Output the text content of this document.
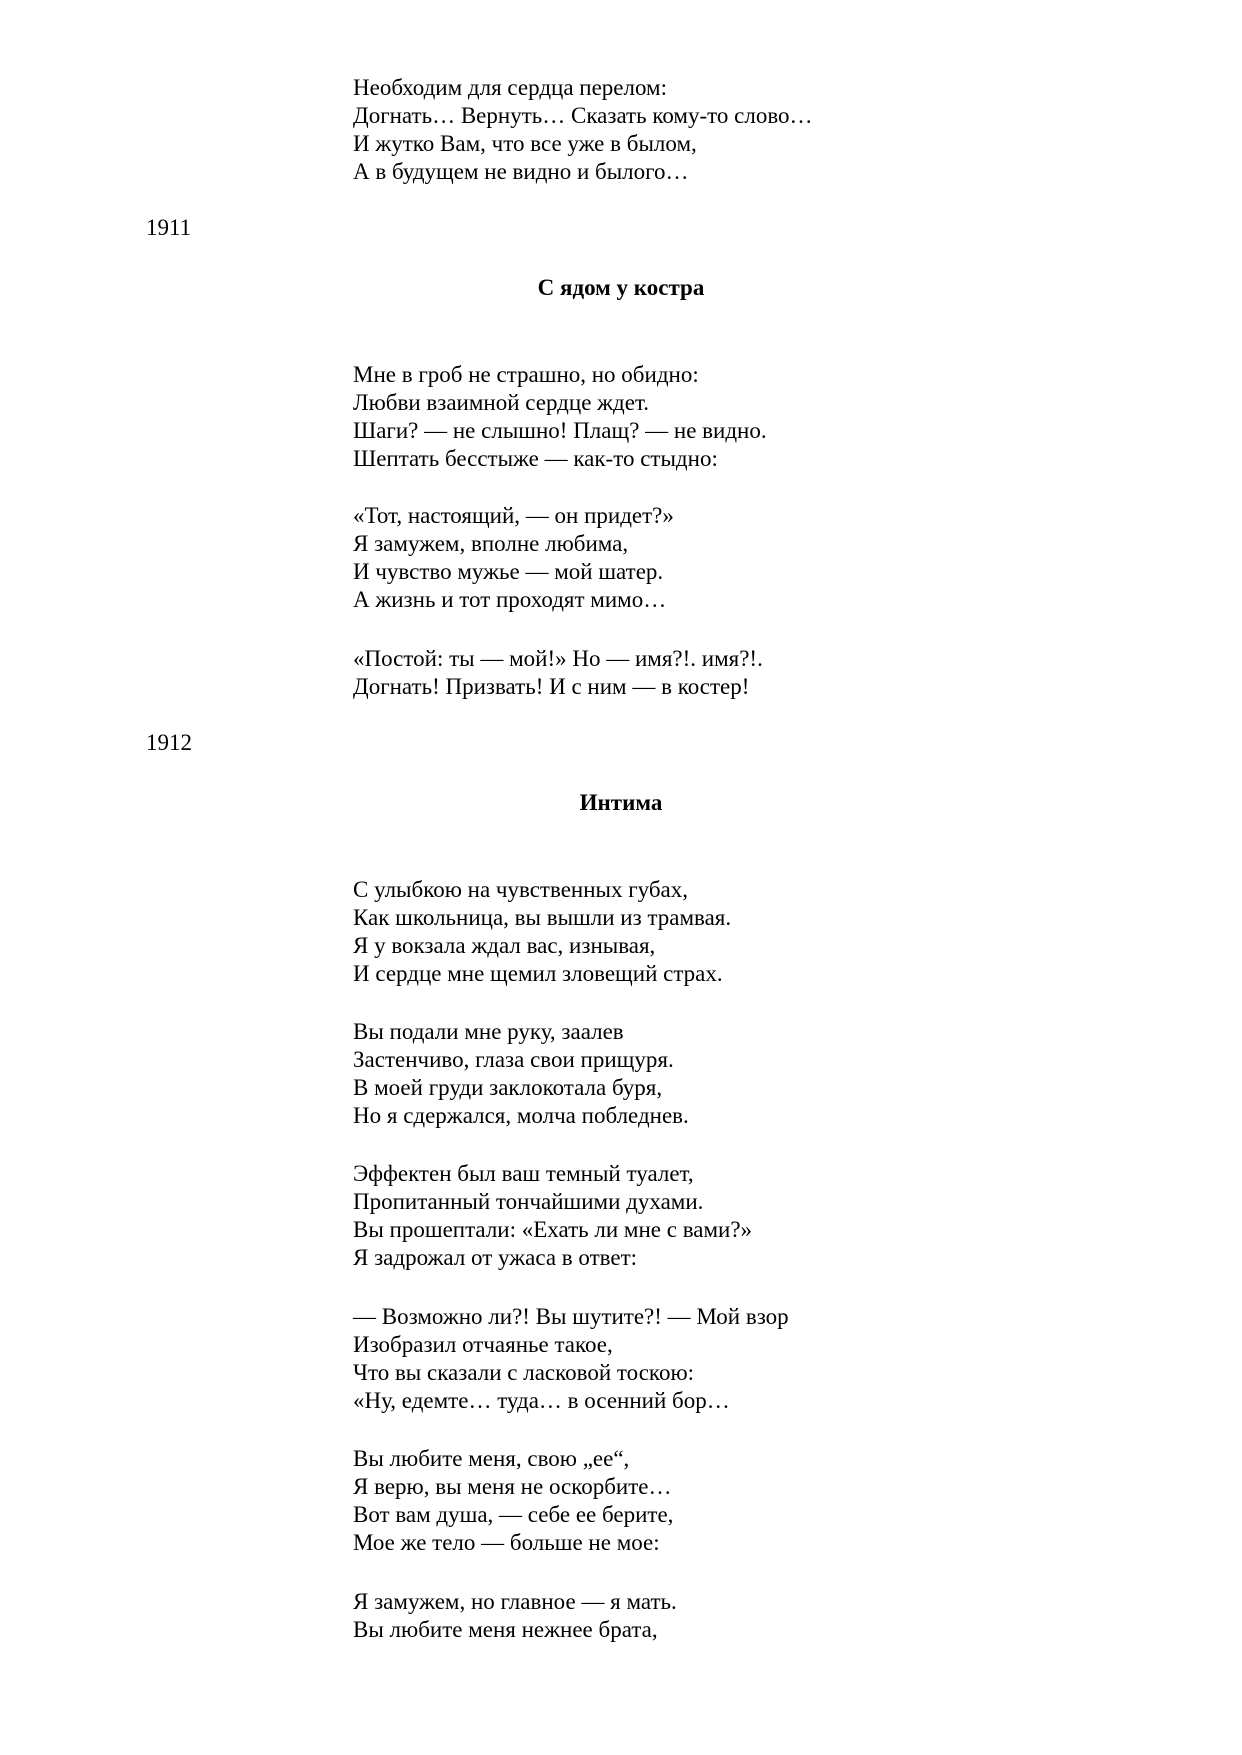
Необходим для сердца перелом:
Догнать… Вернуть… Сказать кому-то слово…
И жутко Вам, что все уже в былом,
А в будущем не видно и былого…
1911
С ядом у костра
Мне в гроб не страшно, но обидно:
Любви взаимной сердце ждет.
Шаги? — не слышно! Плащ? — не видно.
Шептать бесстыже — как-то стыдно:
«Тот, настоящий, — он придет?»
Я замужем, вполне любима,
И чувство мужье — мой шатер.
А жизнь и тот проходят мимо…
«Постой: ты — мой!» Но — имя?!. имя?!.
Догнать! Призвать! И с ним — в костер!
1912
Интима
С улыбкою на чувственных губах,
Как школьница, вы вышли из трамвая.
Я у вокзала ждал вас, изнывая,
И сердце мне щемил зловещий страх.
Вы подали мне руку, заалев
Застенчиво, глаза свои прищуря.
В моей груди заклокотала буря,
Но я сдержался, молча побледнев.
Эффектен был ваш темный туалет,
Пропитанный тончайшими духами.
Вы прошептали: «Ехать ли мне с вами?»
Я задрожал от ужаса в ответ:
— Возможно ли?! Вы шутите?! — Мой взор
Изобразил отчаянье такое,
Что вы сказали с ласковой тоскою:
«Ну, едемте… туда… в осенний бор…
Вы любите меня, свою „ее“,
Я верю, вы меня не оскорбите…
Вот вам душа, — себе ее берите,
Мое же тело — больше не мое:
Я замужем, но главное — я мать.
Вы любите меня нежнее брата,
